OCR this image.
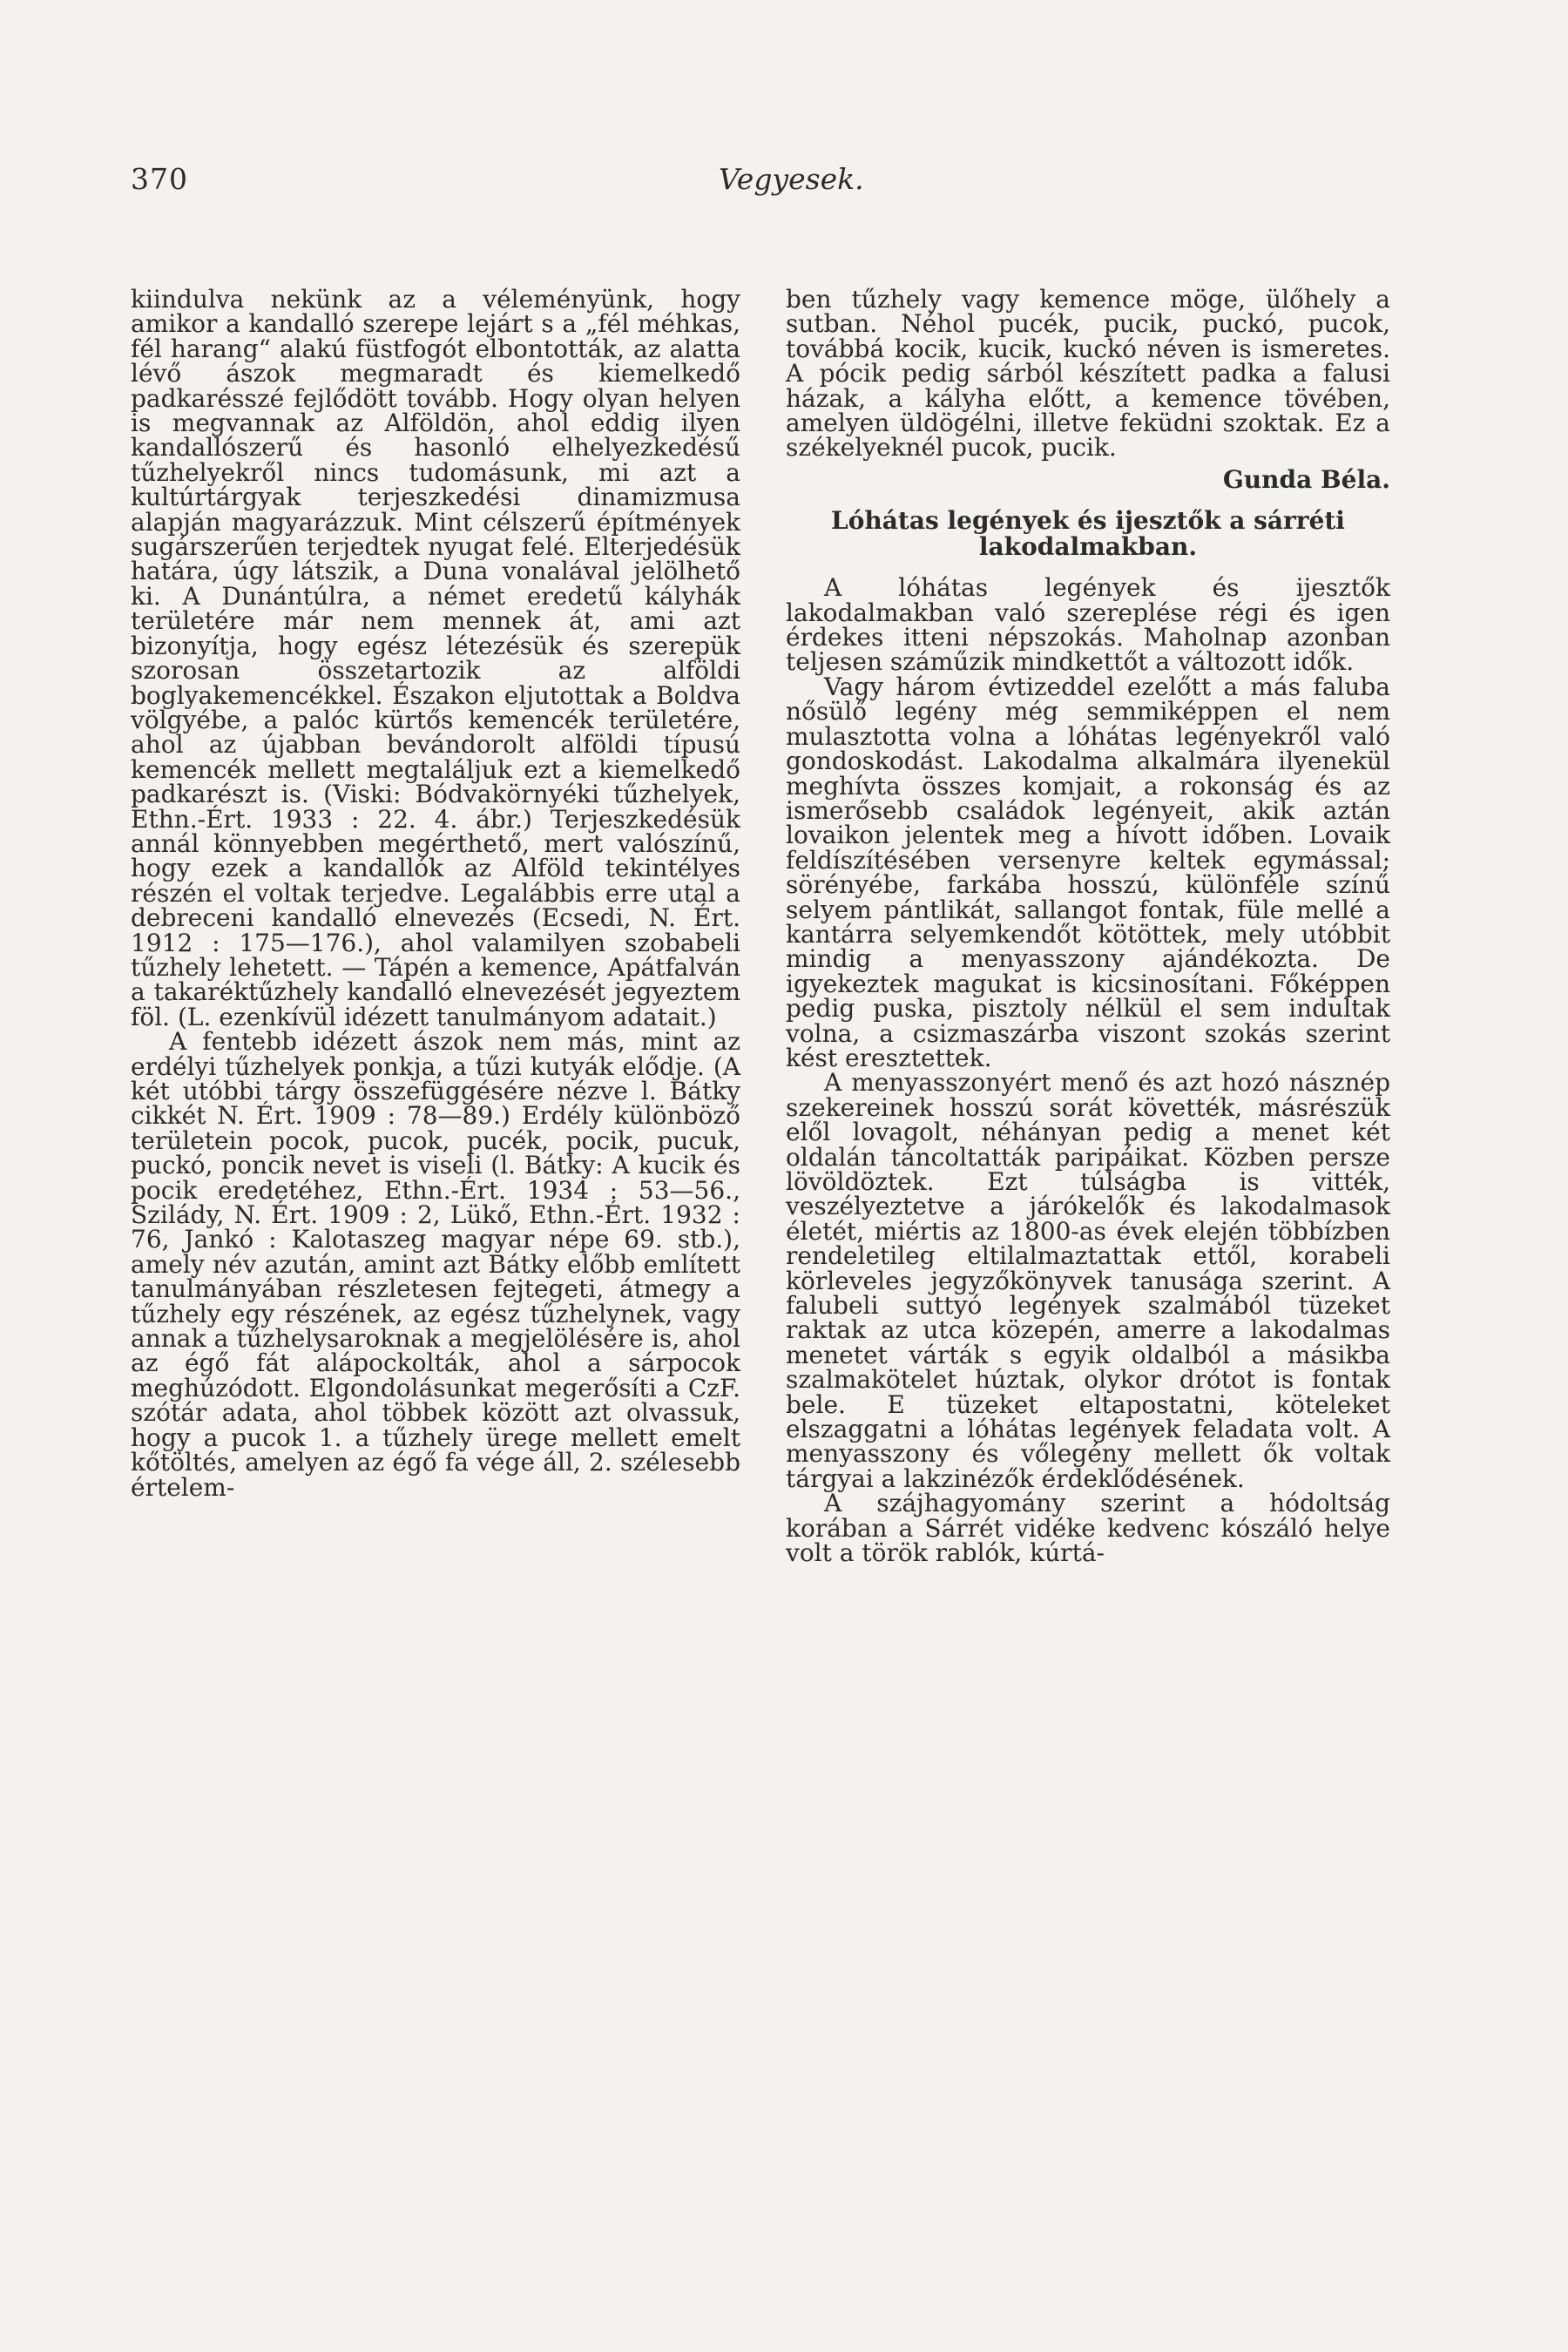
370	Vegyesek.

kiindulva nekünk az a véleményünk, hogy amikor a kandalló szerepe lejárt s a „fél méhkas, fél harang“ alakú füstfogót elbontották, az alatta lévő ászok megmaradt és kiemelkedő padkarésszé fejlődött tovább. Hogy olyan helyen is megvannak az Alföldön, ahol eddig ilyen kandallószerű és hasonló elhelyezkedésű tűzhelyekről nincs tudomásunk, mi azt a kultúrtárgyak terjeszkedési dinamizmusa alapján magyarázzuk. Mint célszerű építmények sugárszerűen terjedtek nyugat felé. Elterjedésük határa, úgy látszik, a Duna vonalával jelölhető ki. A Dunántúlra, a német eredetű kályhák területére már nem mennek át, ami azt bizonyítja, hogy egész létezésük és szerepük szorosan összetartozik az alföldi boglyakemencékkel. Északon eljutottak a Boldva völgyébe, a palóc kürtős kemencék területére, ahol az újabban bevándorolt alföldi típusú kemencék mellett megtaláljuk ezt a kiemelkedő padkarészt is. (Viski: Bódvakörnyéki tűzhelyek, Ethn.-Ért. 1933 : 22. 4. ábr.) Terjeszkedésük annál könnyebben megérthető, mert valószínű, hogy ezek a kandallók az Alföld tekintélyes részén el voltak terjedve. Legalábbis erre utal a debreceni kandalló elnevezés (Ecsedi, N. Ért. 1912 : 175—176.), ahol valamilyen szobabeli tűzhely lehetett. — Tápén a kemence, Apátfalván a takaréktűzhely kandalló elnevezését jegyeztem föl. (L. ezenkívül idézett tanulmányom adatait.)

A fentebb idézett ászok nem más, mint az erdélyi tűzhelyek ponkja, a tűzi kutyák elődje. (A két utóbbi tárgy összefüggésére nézve l. Bátky cikkét N. Ért. 1909 : 78—89.) Erdély különböző területein pocok, pucok, pucék, pocik, pucuk, puckó, poncik nevet is viseli (l. Bátky: A kucik és pocik eredetéhez, Ethn.-Ért. 1934 : 53—56., Szilády, N. Ért. 1909 : 2, Lükő, Ethn.-Ért. 1932 : 76, Jankó : Kalotaszeg magyar népe 69. stb.), amely név azután, amint azt Bátky előbb említett tanulmányában részletesen fejtegeti, átmegy a tűzhely egy részének, az egész tűzhelynek, vagy annak a tűzhelysaroknak a megjelölésére is, ahol az égő fát alápockolták, ahol a sárpocok meghúzódott. Elgondolásunkat megerősíti a CzF. szótár adata, ahol többek között azt olvassuk, hogy a pucok 1. a tűzhely ürege mellett emelt kőtöltés, amelyen az égő fa vége áll, 2. szélesebb értelem-

ben tűzhely vagy kemence möge, ülőhely a sutban. Néhol pucék, pucik, puckó, pucok, továbbá kocik, kucik, kuckó néven is ismeretes. A pócik pedig sárból készített padka a falusi házak, a kályha előtt, a kemence tövében, amelyen üldögélni, illetve feküdni szoktak. Ez a székelyeknél pucok, pucik.

Gunda Béla.

Lóhátas legények és ijesztők a sárréti lakodalmakban.

A lóhátas legények és ijesztők lakodalmakban való szereplése régi és igen érdekes itteni népszokás. Maholnap azonban teljesen száműzik mindkettőt a változott idők.

Vagy három évtizeddel ezelőtt a más faluba nősülő legény még semmiképpen el nem mulasztotta volna a lóhátas legényekről való gondoskodást. Lakodalma alkalmára ilyenekül meghívta összes komjait, a rokonság és az ismerősebb családok legényeit, akik aztán lovaikon jelentek meg a hívott időben. Lovaik feldíszítésében versenyre keltek egymással; sörényébe, farkába hosszú, különféle színű selyem pántlikát, sallangot fontak, füle mellé a kantárra selyemkendőt kötöttek, mely utóbbit mindig a menyasszony ajándékozta. De igyekeztek magukat is kicsinosítani. Főképpen pedig puska, pisztoly nélkül el sem indultak volna, a csizmaszárba viszont szokás szerint kést eresztettek.

A menyasszonyért menő és azt hozó násznép szekereinek hosszú sorát követték, másrészük elől lovagolt, néhányan pedig a menet két oldalán táncoltatták paripáikat. Közben persze lövöldöztek. Ezt túlságba is vitték, veszélyeztetve a járókelők és lakodalmasok életét, miértis az 1800-as évek elején többízben rendeletileg eltilalmaztattak ettől, korabeli körleveles jegyzőkönyvek tanusága szerint. A falubeli suttyó legények szalmából tüzeket raktak az utca közepén, amerre a lakodalmas menetet várták s egyik oldalból a másikba szalmakötelet húztak, olykor drótot is fontak bele. E tüzeket eltapostatni, köteleket elszaggatni a lóhátas legények feladata volt. A menyasszony és vőlegény mellett ők voltak tárgyai a lakzinézők érdeklődésének.

A szájhagyomány szerint a hódoltság korában a Sárrét vidéke kedvenc kószáló helye volt a török rablók, kúrtá-
